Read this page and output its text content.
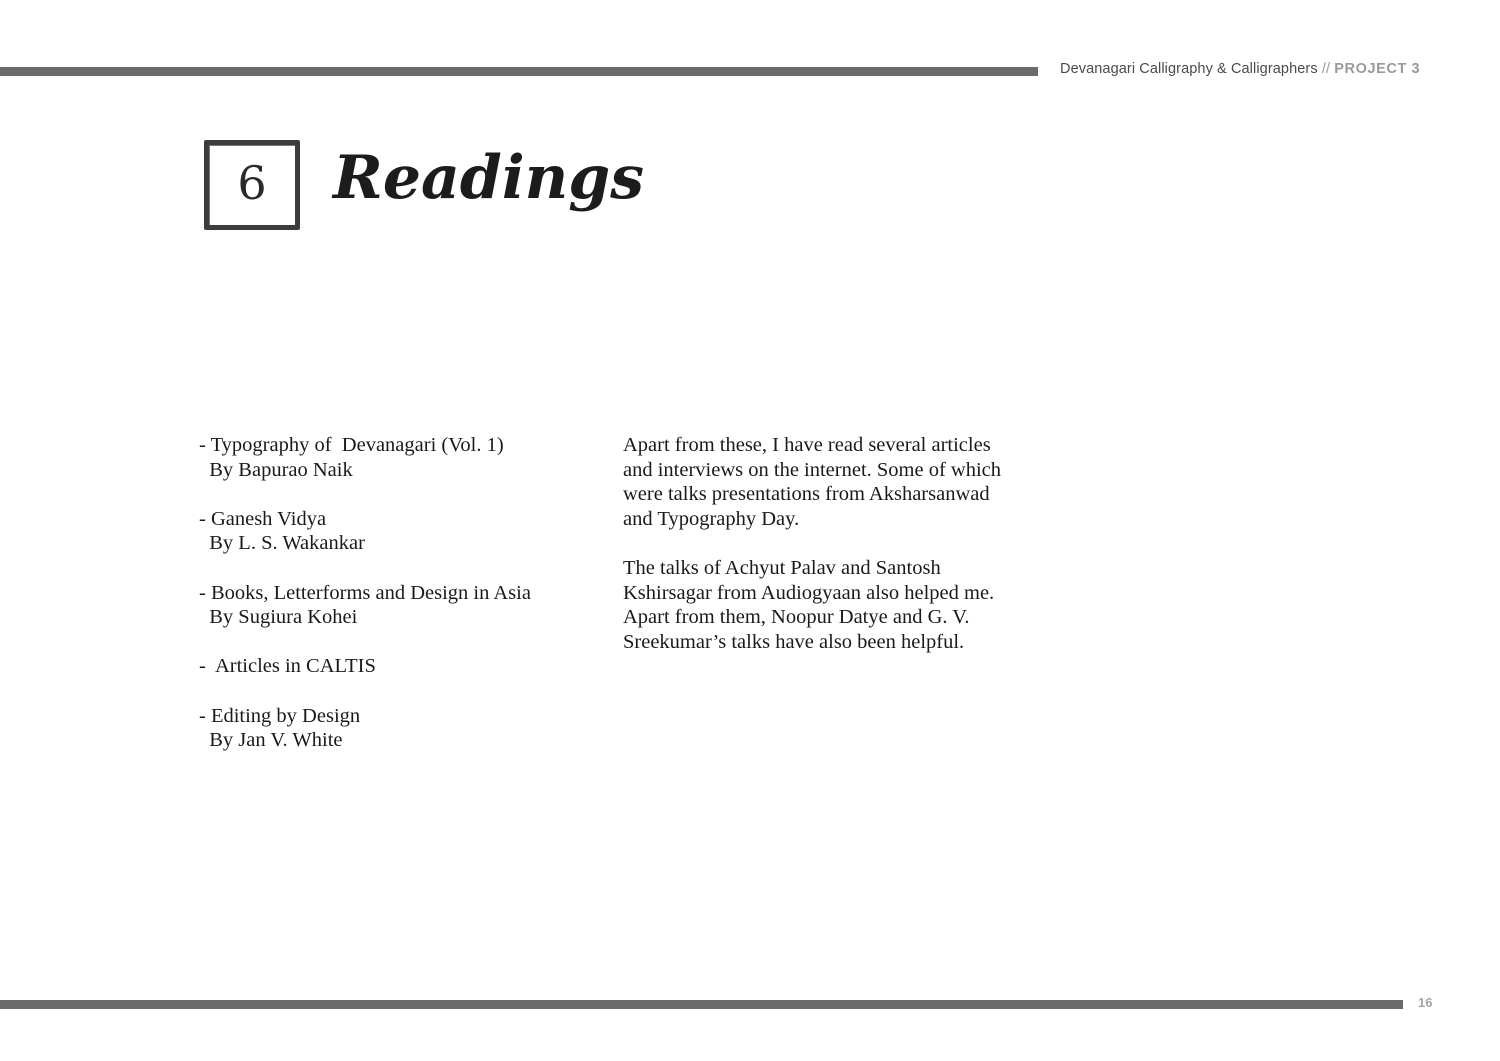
Devanagari Calligraphy & Calligraphers // PROJECT 3
6	Readings
- Typography of  Devanagari (Vol. 1)
By Bapurao Naik
- Ganesh Vidya
By L. S. Wakankar
- Books, Letterforms and Design in Asia
By Sugiura Kohei
-  Articles in CALTIS
- Editing by Design
By Jan V. White

Apart from these, I have read several articles and interviews on the internet. Some of which were talks presentations from Aksharsanwad and Typography Day.

The talks of Achyut Palav and Santosh Kshirsagar from Audiogyaan also helped me. Apart from them, Noopur Datye and G. V. Sreekumar’s talks have also been helpful.

16
